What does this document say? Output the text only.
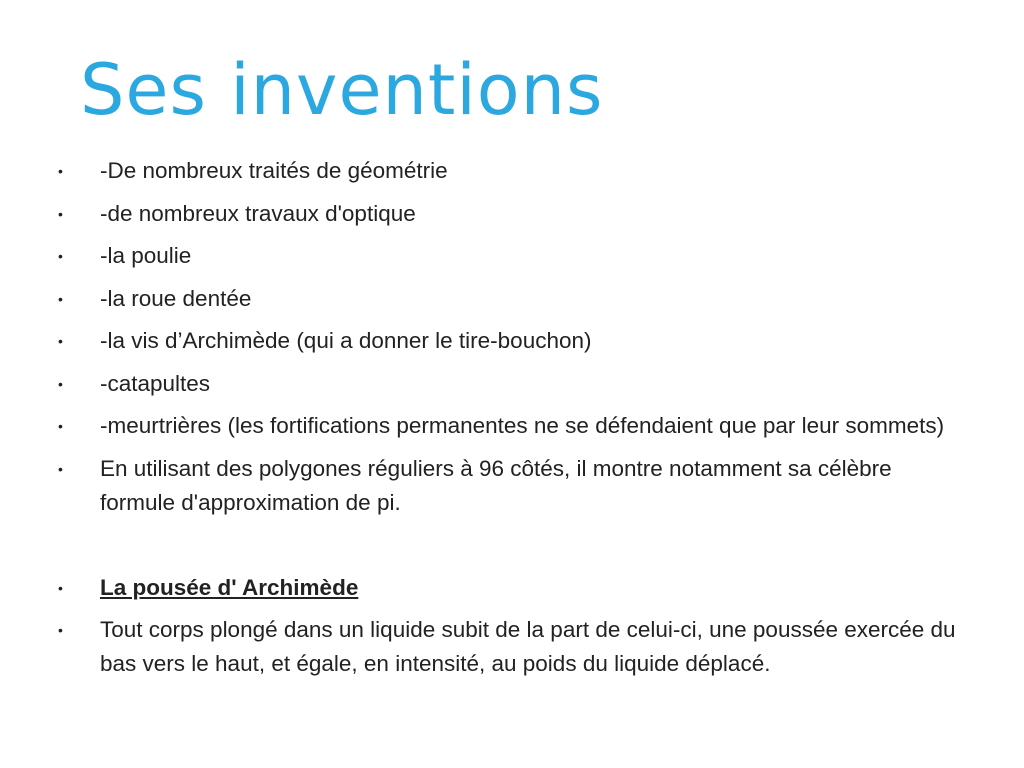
Ses inventions
• -De nombreux traités de géométrie
• -de nombreux travaux d'optique
• -la poulie
• -la roue dentée
• -la vis d’Archimède (qui a donner le tire-bouchon)
• -catapultes
• -meurtrières (les fortifications permanentes ne se défendaient que par leur sommets)
• En utilisant des polygones réguliers à 96 côtés, il montre notamment sa célèbre formule d'approximation de pi.
• La pousée d' Archimède
• Tout corps plongé dans un liquide subit de la part de celui-ci, une poussée exercée du bas vers le haut, et égale, en intensité, au poids du liquide déplacé.
